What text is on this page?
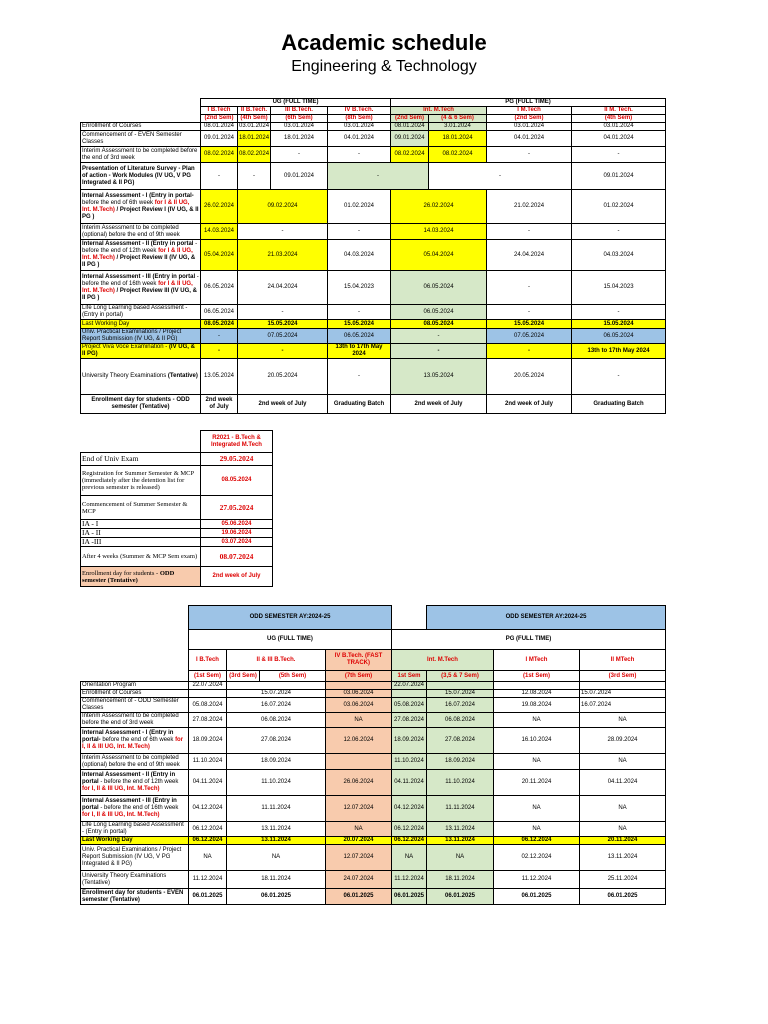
Academic schedule
Engineering & Technology
	UG (FULL TIME)				PG (FULL TIME)			
	I B.Tech	II B.Tech.	III B.Tech.	IV B.Tech.	Int. M.Tech		I M.Tech	II M. Tech.
	(2nd Sem)	(4th Sem)	(6th Sem)	(8th Sem)	(2nd Sem)	(4 & 6 Sem)	(2nd Sem)	(4th Sem)
Enrollment of Courses	08.01.2024	03.01.2024	03.01.2024	03.01.2024	08.01.2024	3.01.2024	03.01.2024	03.01.2024
Commencement of - EVEN Semester Classes	09.01.2024	18.01.2024	18.01.2024	04.01.2024	09.01.2024	18.01.2024	04.01.2024	04.01.2024
Interim Assessment to be completed before the end of 3rd week	08.02.2024	08.02.2024	-	-	08.02.2024	08.02.2024	-	-
Presentation of Literature Survey - Plan of action - Work Modules (IV UG, V PG Integrated & II PG)	-	-	09.01.2024	-		-		09.01.2024
Internal Assessment - I (Entry in portal- before the end of 6th week for I & II UG, Int. M.Tech) / Project Review I (IV UG, & II PG )	26.02.2024	09.02.2024		01.02.2024	26.02.2024		21.02.2024	01.02.2024
Interim Assessment to be completed (optional) before the end of 9th week	14.03.2024	-		-	14.03.2024		-	-
Internal Assessment - II (Entry in portal - before the end of 12th week for I & II UG, Int. M.Tech) / Project Review II (IV UG, & II PG )	05.04.2024	21.03.2024		04.03.2024	05.04.2024		24.04.2024	04.03.2024
Internal Assessment - III (Entry in portal - before the end of 16th week for I & II UG, Int. M.Tech) / Project Review III (IV UG, & II PG )	06.05.2024	24.04.2024		15.04.2023	06.05.2024		-	15.04.2023
Life Long Learning based Assessment - (Entry in portal)	06.05.2024	-		-	06.05.2024		-	-
Last Working Day	08.05.2024	15.05.2024		15.05.2024	08.05.2024		15.05.2024	15.05.2024
Univ. Practical Examinations / Project Report Submission (IV UG, & II PG)	-	07.05.2024		06.05.2024	-		07.05.2024	06.05.2024
Project Viva Voce Examination - (IV UG, & II PG)	-	-		13th to 17th May 2024	-		-	13th to 17th May 2024
University Theory Examinations (Tentative)	13.05.2024	20.05.2024		-	13.05.2024		20.05.2024	-
Enrollment day for students - ODD semester (Tentative)	2nd week of July	2nd week of July		Graduating Batch	2nd week of July		2nd week of July	Graduating Batch
	R2021 - B.Tech & Integrated M.Tech
End of Univ Exam	29.05.2024
Registration for Summer Semester & MCP (immediately after the detention list for previous semester is released)	08.05.2024
Commencement of Summer Semester & MCP	27.05.2024
IA - I	05.06.2024
IA - II	19.06.2024
IA -III	03.07.2024
After 4 weeks (Summer & MCP Sem exam)	08.07.2024
Enrollment day for students - ODD semester (Tentative)	2nd week of July
	ODD SEMESTER AY:2024-25					ODD SEMESTER AY:2024-25		
	UG (FULL TIME)				PG (FULL TIME)			
	I B.Tech	II & III B.Tech.		IV B.Tech. (FAST TRACK)	Int. M.Tech		I MTech	II MTech
	(1st Sem)	(3rd Sem)	(5th Sem)	(7th Sem)	1st Sem	(3,5 & 7 Sem)	(1st Sem)	(3rd Sem)
Orientation Program	22.07.2024				22.07.2024			
Enrollment of Courses		15.07.2024		03.06.2024		15.07.2024	12.08.2024	15.07.2024
Commencement of - ODD Semester Classes	05.08.2024	16.07.2024		03.06.2024	05.08.2024	16.07.2024	19.08.2024	16.07.2024
Interim Assessment to be completed before the end of 3rd week	27.08.2024	06.08.2024		NA	27.08.2024	06.08.2024	NA	NA
Internal Assessment - I (Entry in portal- before the end of 6th week for I, II & III UG, Int. M.Tech)	18.09.2024	27.08.2024		12.06.2024	18.09.2024	27.08.2024	16.10.2024	28.09.2024
Interim Assessment to be completed (optional) before the end of 9th week	11.10.2024	18.09.2024			11.10.2024	18.09.2024	NA	NA
Internal Assessment - II (Entry in portal - before the end of 12th week for I, II & III UG, Int. M.Tech)	04.11.2024	11.10.2024		26.06.2024	04.11.2024	11.10.2024	20.11.2024	04.11.2024
Internal Assessment - III (Entry in portal - before the end of 16th week for I, II & III UG, Int. M.Tech)	04.12.2024	11.11.2024		12.07.2024	04.12.2024	11.11.2024	NA	NA
Life Long Learning based Assessment - (Entry in portal)	06.12.2024	13.11.2024		NA	06.12.2024	13.11.2024	NA	NA
Last Working Day	06.12.2024	13.11.2024		20.07.2024	06.12.2024	13.11.2024	06.12.2024	20.11.2024
Univ. Practical Examinations / Project Report Submission (IV UG, V PG Integrated & II PG)	NA	NA		12.07.2024	NA	NA	02.12.2024	13.11.2024
University Theory Examinations (Tentative)	11.12.2024	18.11.2024		24.07.2024	11.12.2024	18.11.2024	11.12.2024	25.11.2024
Enrollment day for students - EVEN semester (Tentative)	06.01.2025	06.01.2025		06.01.2025	06.01.2025	06.01.2025	06.01.2025	06.01.2025
